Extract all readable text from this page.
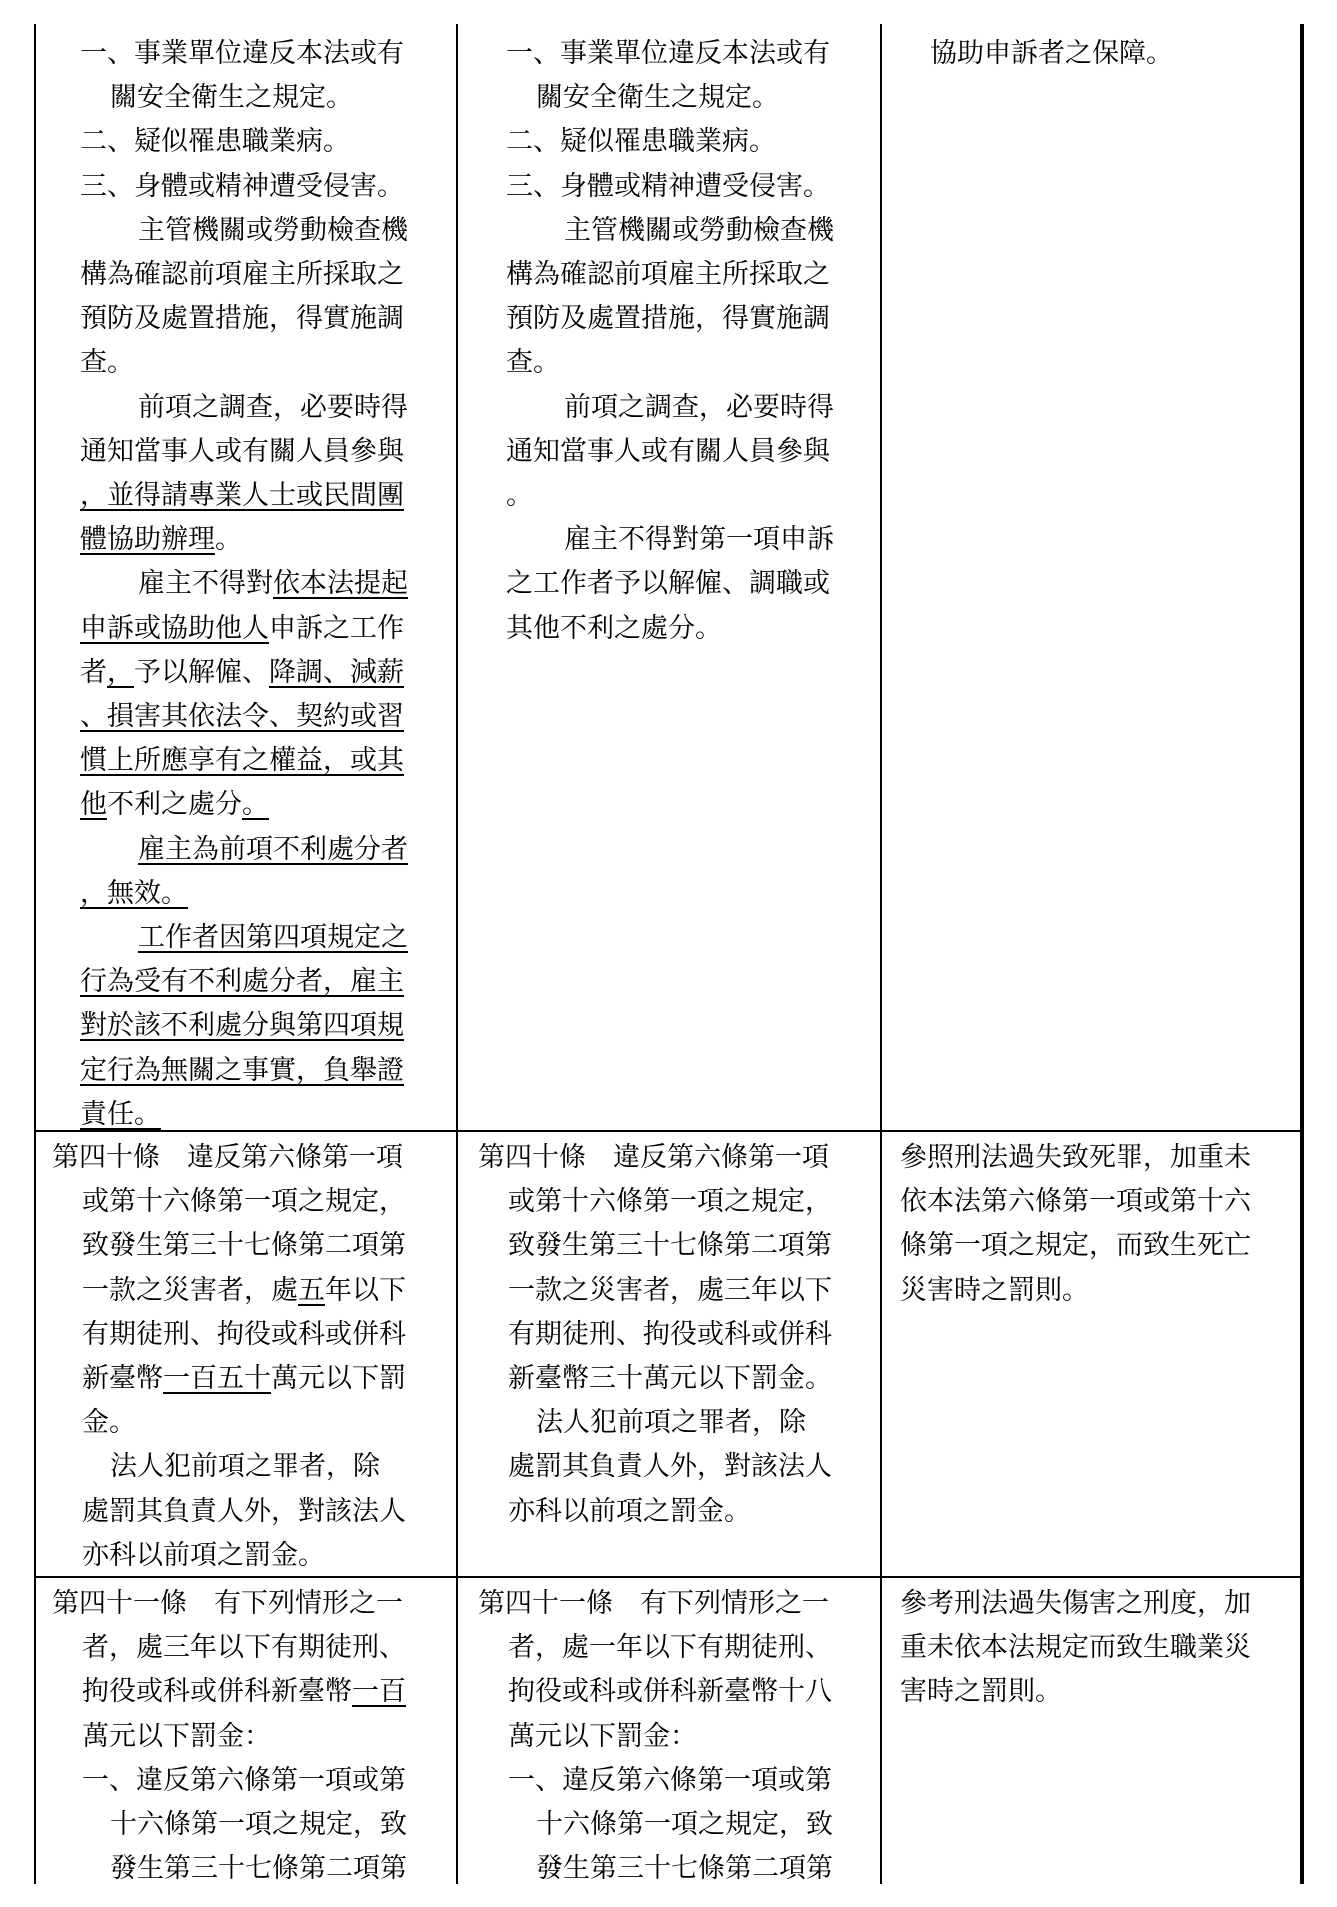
一、事業單位違反本法或有

關安全衛生之規定。

二、疑似罹患職業病。

三、身體或精神遭受侵害。

主管機關或勞動檢查機

構為確認前項雇主所採取之

預防及處置措施，得實施調

查。

前項之調查，必要時得

通知當事人或有關人員參與

，並得請專業人士或民間團

體協助辦理。

雇主不得對依本法提起

申訴或協助他人申訴之工作

者，予以解僱、降調、減薪

、損害其依法令、契約或習

慣上所應享有之權益，或其

他不利之處分。

雇主為前項不利處分者

，無效。

工作者因第四項規定之

行為受有不利處分者，雇主

對於該不利處分與第四項規

定行為無關之事實，負舉證

責任。

一、事業單位違反本法或有

關安全衛生之規定。

二、疑似罹患職業病。

三、身體或精神遭受侵害。

主管機關或勞動檢查機

構為確認前項雇主所採取之

預防及處置措施，得實施調

查。

前項之調查，必要時得

通知當事人或有關人員參與

。

雇主不得對第一項申訴

之工作者予以解僱、調職或

其他不利之處分。

協助申訴者之保障。

第四十條　違反第六條第一項

或第十六條第一項之規定，

致發生第三十七條第二項第

一款之災害者，處五年以下

有期徒刑、拘役或科或併科

新臺幣一百五十萬元以下罰

金。

法人犯前項之罪者，除

處罰其負責人外，對該法人

亦科以前項之罰金。

第四十條　違反第六條第一項

或第十六條第一項之規定，

致發生第三十七條第二項第

一款之災害者，處三年以下

有期徒刑、拘役或科或併科

新臺幣三十萬元以下罰金。

法人犯前項之罪者，除

處罰其負責人外，對該法人

亦科以前項之罰金。

參照刑法過失致死罪，加重未

依本法第六條第一項或第十六

條第一項之規定，而致生死亡

災害時之罰則。

第四十一條　有下列情形之一

者，處三年以下有期徒刑、

拘役或科或併科新臺幣一百

萬元以下罰金：

一、違反第六條第一項或第

十六條第一項之規定，致

發生第三十七條第二項第

第四十一條　有下列情形之一

者，處一年以下有期徒刑、

拘役或科或併科新臺幣十八

萬元以下罰金：

一、違反第六條第一項或第

十六條第一項之規定，致

發生第三十七條第二項第

參考刑法過失傷害之刑度，加

重未依本法規定而致生職業災

害時之罰則。
